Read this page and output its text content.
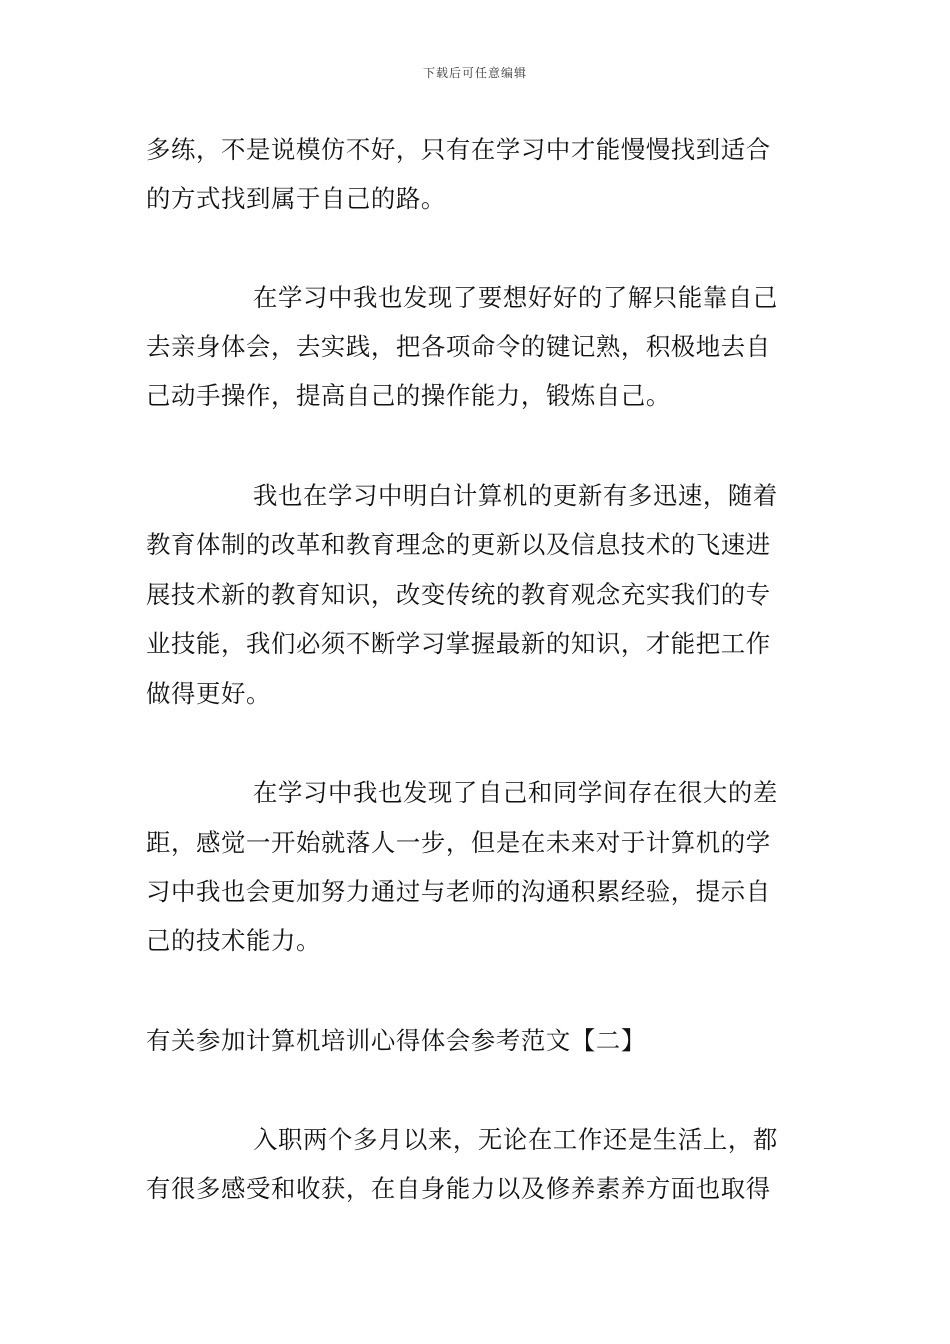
下载后可任意编辑
多练，不是说模仿不好，只有在学习中才能慢慢找到适合
的方式找到属于自己的路。
在学习中我也发现了要想好好的了解只能靠自己
去亲身体会，去实践，把各项命令的键记熟，积极地去自
己动手操作，提高自己的操作能力，锻炼自己。
我也在学习中明白计算机的更新有多迅速，随着
教育体制的改革和教育理念的更新以及信息技术的飞速进
展技术新的教育知识，改变传统的教育观念充实我们的专
业技能，我们必须不断学习掌握最新的知识，才能把工作
做得更好。
在学习中我也发现了自己和同学间存在很大的差
距，感觉一开始就落人一步，但是在未来对于计算机的学
习中我也会更加努力通过与老师的沟通积累经验，提示自
己的技术能力。
有关参加计算机培训心得体会参考范文【二】
入职两个多月以来，无论在工作还是生活上，都
有很多感受和收获，在自身能力以及修养素养方面也取得
